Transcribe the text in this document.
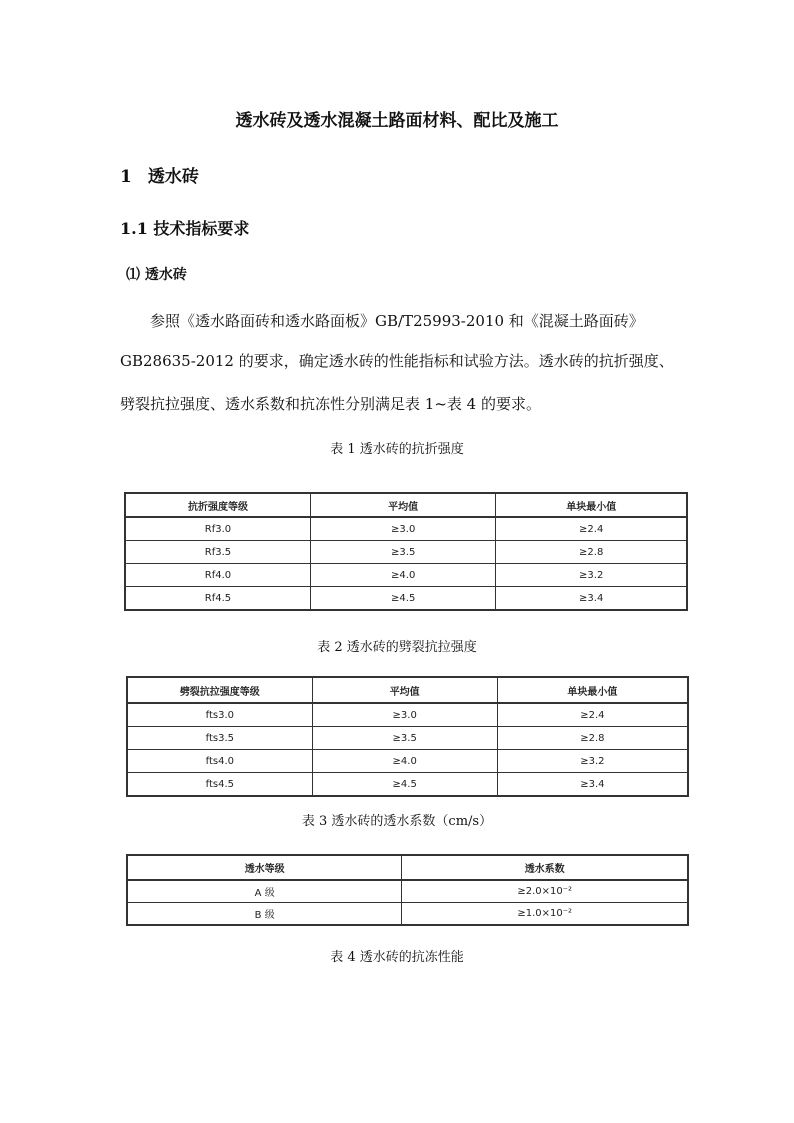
透水砖及透水混凝土路面材料、配比及施工
1 透水砖
1.1 技术指标要求
⑴ 透水砖
参照《透水路面砖和透水路面板》GB/T25993-2010 和《混凝土路面砖》
GB28635-2012 的要求，确定透水砖的性能指标和试验方法。透水砖的抗折强度、
劈裂抗拉强度、透水系数和抗冻性分别满足表 1~表 4 的要求。
表 1 透水砖的抗折强度
抗折强度等级	平均值	单块最小值
Rf3.0	≥3.0	≥2.4
Rf3.5	≥3.5	≥2.8
Rf4.0	≥4.0	≥3.2
Rf4.5	≥4.5	≥3.4
表 2 透水砖的劈裂抗拉强度
劈裂抗拉强度等级	平均值	单块最小值
fts3.0	≥3.0	≥2.4
fts3.5	≥3.5	≥2.8
fts4.0	≥4.0	≥3.2
fts4.5	≥4.5	≥3.4
表 3 透水砖的透水系数（cm/s）
透水等级	透水系数
A 级	≥2.0×10⁻²
B 级	≥1.0×10⁻²
表 4 透水砖的抗冻性能
